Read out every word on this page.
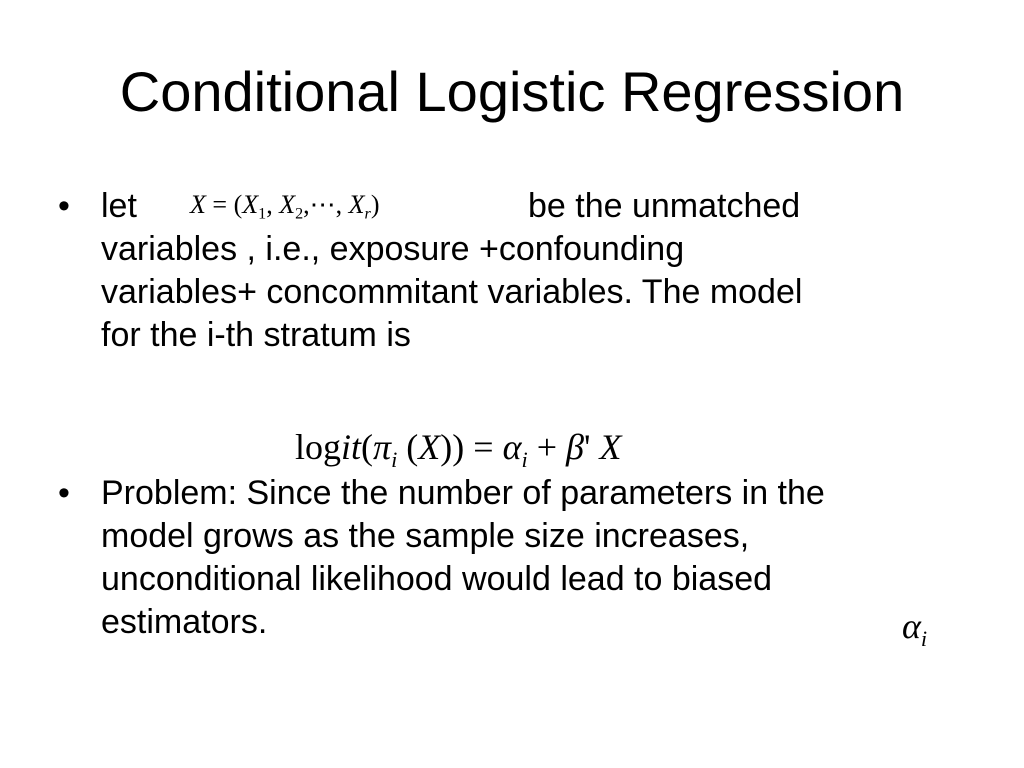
Conditional Logistic Regression
• let $X = (X_1$, $X_2,\cdots$, $X_r$)	be the unmatched
variables , i.e., exposure +confounding
variables+ concommitant variables. The model
for the i-th stratum is
$logit(\pi_i$ $(X)) = \alpha_i + \beta'$ X
• Problem: Since the number of parameters in the
model grows as the sample size increases,
unconditional likelihood would lead to biased
estimators.	$\alpha_i$
